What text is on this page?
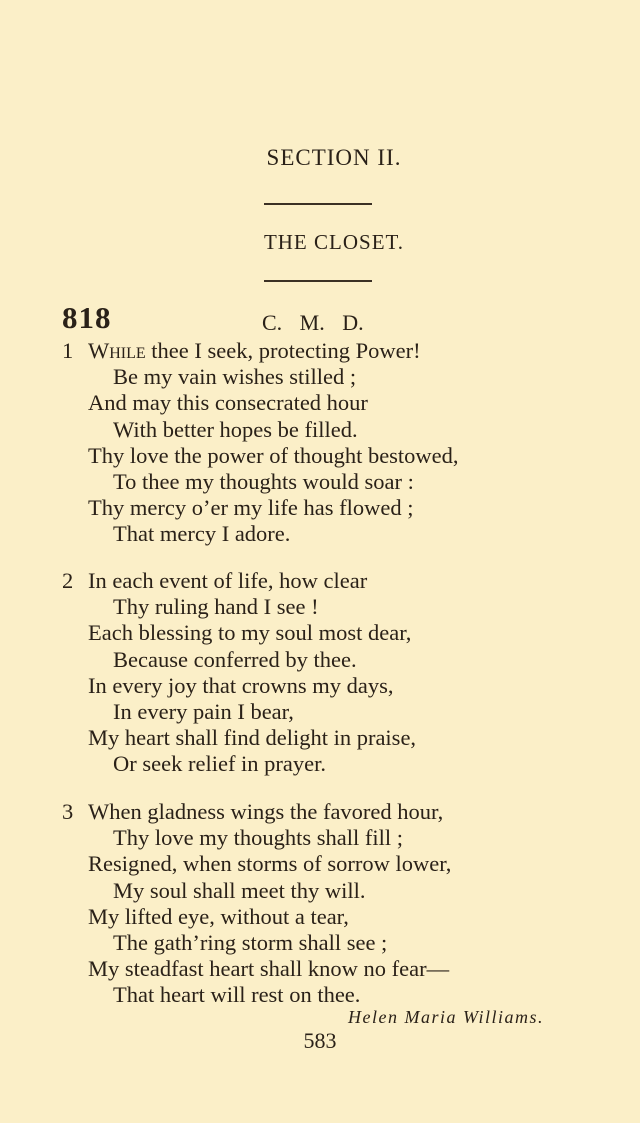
SECTION II.
THE CLOSET.
818	C. M. D.
1 While thee I seek, protecting Power!
Be my vain wishes stilled ;
And may this consecrated hour
With better hopes be filled.
Thy love the power of thought bestowed,
To thee my thoughts would soar :
Thy mercy o’er my life has flowed ;
That mercy I adore.
2 In each event of life, how clear
Thy ruling hand I see !
Each blessing to my soul most dear,
Because conferred by thee.
In every joy that crowns my days,
In every pain I bear,
My heart shall find delight in praise,
Or seek relief in prayer.
3 When gladness wings the favored hour,
Thy love my thoughts shall fill ;
Resigned, when storms of sorrow lower,
My soul shall meet thy will.
My lifted eye, without a tear,
The gath’ring storm shall see ;
My steadfast heart shall know no fear—
That heart will rest on thee.
Helen Maria Williams.
583
